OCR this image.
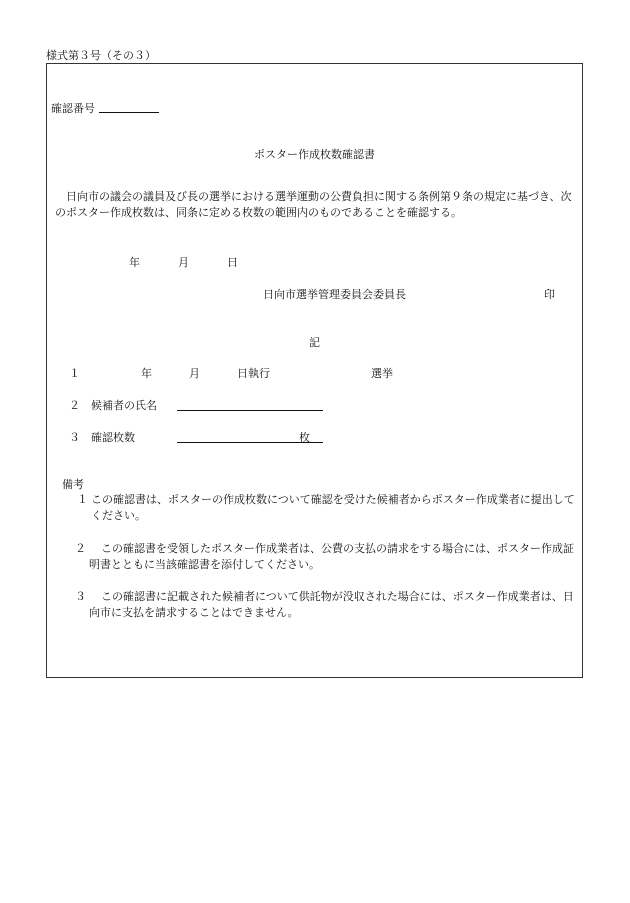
様式第３号（その３）
確認番号
ポスター作成枚数確認書
日向市の議会の議員及び長の選挙における選挙運動の公費負担に関する条例第９条の規定に基づき、次のポスター作成枚数は、同条に定める枚数の範囲内のものであることを確認する。
年	月	日
日向市選挙管理委員会委員長	印
記
１	年	月	日執行	選挙
２ 候補者の氏名
３ 確認枚数	枚
備考
１ この確認書は、ポスターの作成枚数について確認を受けた候補者からポスター作成業者に提出してください。
２	この確認書を受領したポスター作成業者は、公費の支払の請求をする場合には、ポスター作成証明書とともに当該確認書を添付してください。
３	この確認書に記載された候補者について供託物が没収された場合には、ポスター作成業者は、日向市に支払を請求することはできません。
